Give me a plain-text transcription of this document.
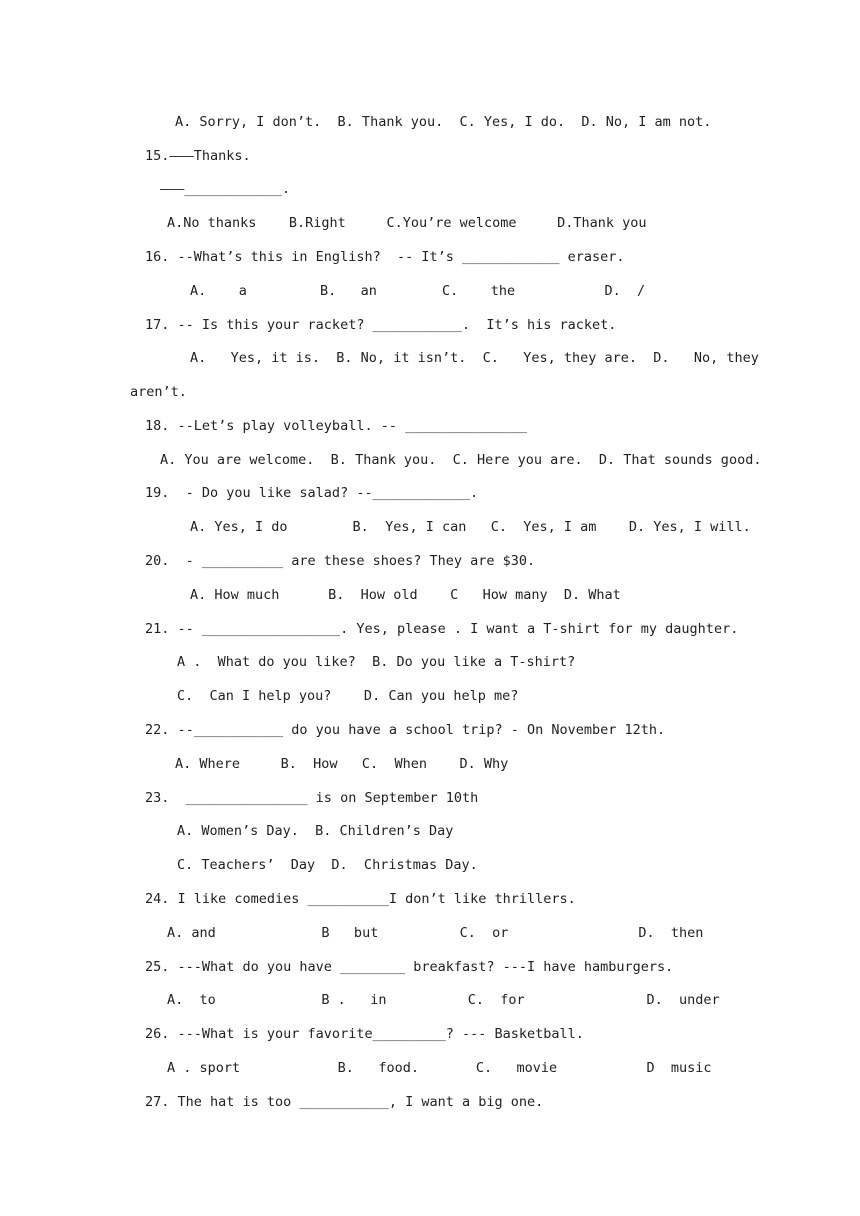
A. Sorry, I don’t.  B. Thank you.  C. Yes, I do.  D. No, I am not.
15.———Thanks.
———____________.
A.No thanks    B.Right     C.You’re welcome     D.Thank you
16. --What’s this in English?  -- It’s ____________ eraser.
A.    a         B.   an        C.    the           D.  /
17. -- Is this your racket? ___________.  It’s his racket.
A.   Yes, it is.  B. No, it isn’t.  C.   Yes, they are.  D.   No, they
aren’t.
18. --Let’s play volleyball. -- _______________
A. You are welcome.  B. Thank you.  C. Here you are.  D. That sounds good.
19.  - Do you like salad? --____________.
A. Yes, I do        B.  Yes, I can   C.  Yes, I am    D. Yes, I will.
20.  - __________ are these shoes? They are $30.
A. How much      B.  How old    C   How many  D. What
21. -- _________________. Yes, please . I want a T-shirt for my daughter.
A .  What do you like?  B. Do you like a T-shirt?
C.  Can I help you?    D. Can you help me?
22. --___________ do you have a school trip? - On November 12th.
A. Where     B.  How   C.  When    D. Why
23.  _______________ is on September 10th
A. Women’s Day.  B. Children’s Day
C. Teachers’  Day  D.  Christmas Day.
24. I like comedies __________I don’t like thrillers.
A. and             B   but          C.  or                D.  then
25. ---What do you have ________ breakfast? ---I have hamburgers.
A.  to             B .   in          C.  for               D.  under
26. ---What is your favorite_________? --- Basketball.
A . sport            B.   food.       C.   movie           D  music
27. The hat is too ___________, I want a big one.
